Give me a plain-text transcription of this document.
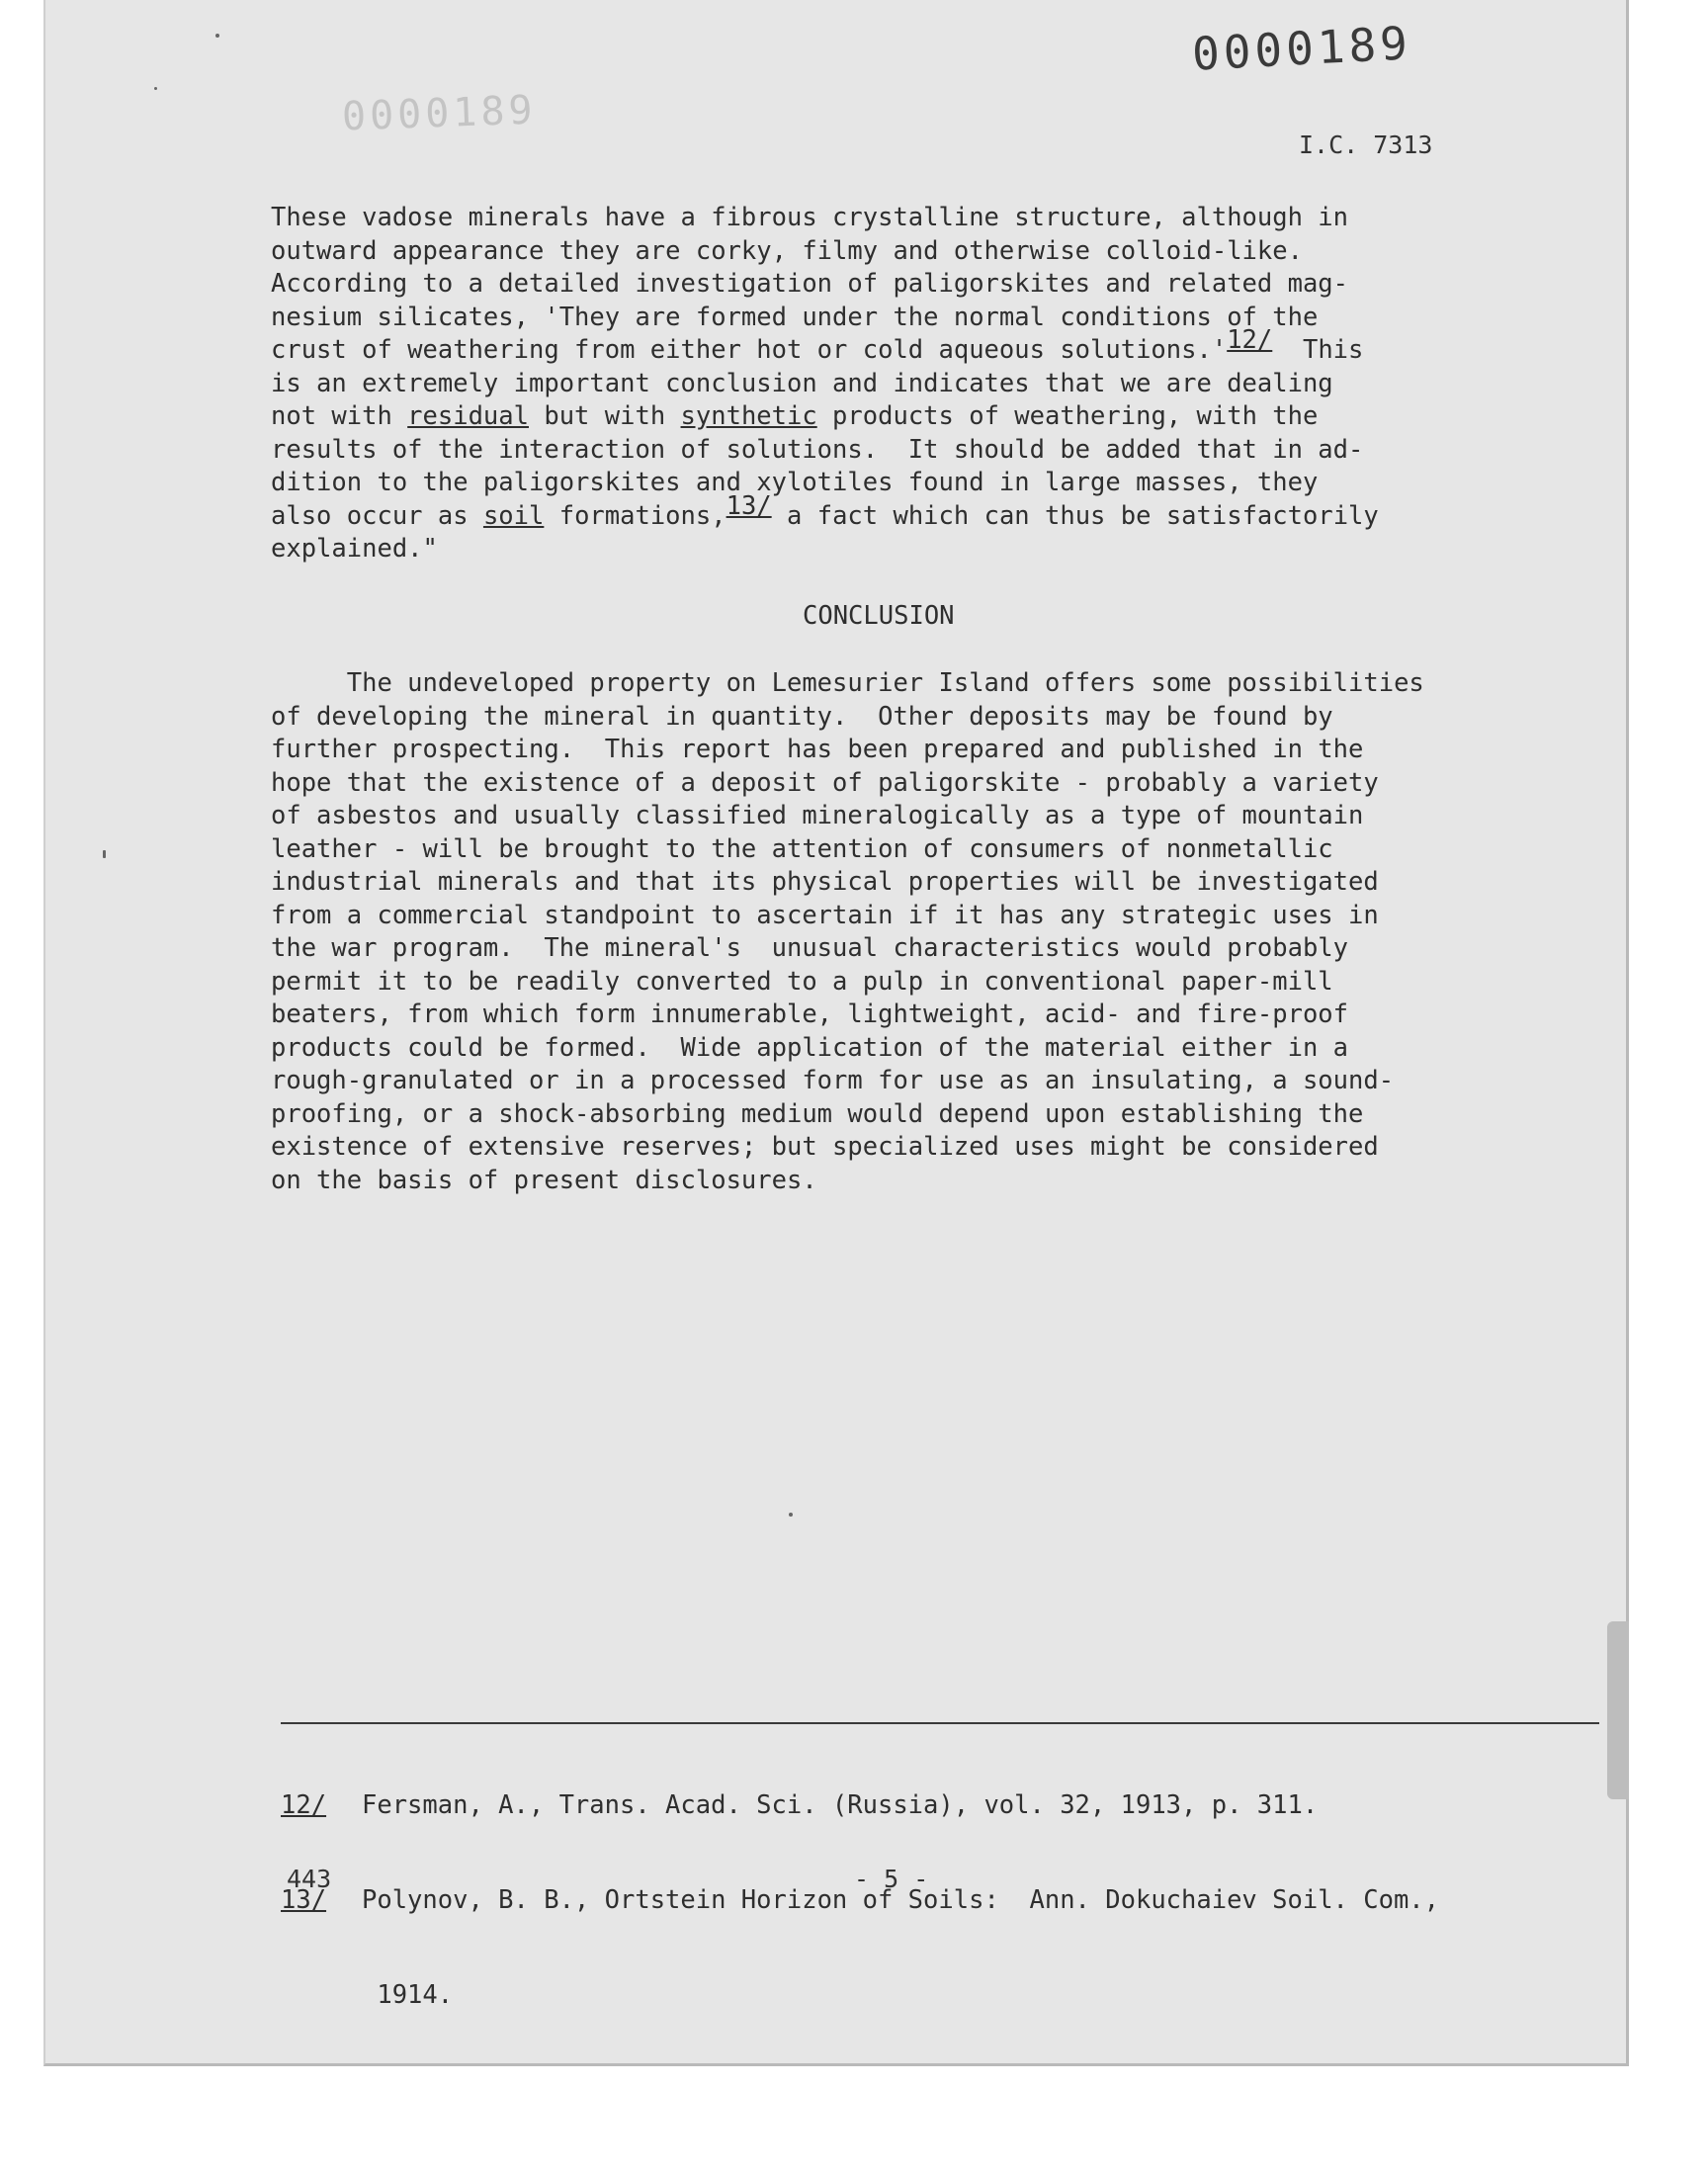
0000189
0000189
I.C. 7313
These vadose minerals have a fibrous crystalline structure, although in
outward appearance they are corky, filmy and otherwise colloid-like.
According to a detailed investigation of paligorskites and related mag-
nesium silicates, 'They are formed under the normal conditions of the
crust of weathering from either hot or cold aqueous solutions.'12/  This
is an extremely important conclusion and indicates that we are dealing
not with residual but with synthetic products of weathering, with the
results of the interaction of solutions.  It should be added that in ad-
dition to the paligorskites and xylotiles found in large masses, they
also occur as soil formations,13/ a fact which can thus be satisfactorily
explained."
CONCLUSION
The undeveloped property on Lemesurier Island offers some possibilities
of developing the mineral in quantity.  Other deposits may be found by
further prospecting.  This report has been prepared and published in the
hope that the existence of a deposit of paligorskite - probably a variety
of asbestos and usually classified mineralogically as a type of mountain
leather - will be brought to the attention of consumers of nonmetallic
industrial minerals and that its physical properties will be investigated
from a commercial standpoint to ascertain if it has any strategic uses in
the war program.  The mineral's  unusual characteristics would probably
permit it to be readily converted to a pulp in conventional paper-mill
beaters, from which form innumerable, lightweight, acid- and fire-proof
products could be formed.  Wide application of the material either in a
rough-granulated or in a processed form for use as an insulating, a sound-
proofing, or a shock-absorbing medium would depend upon establishing the
existence of extensive reserves; but specialized uses might be considered
on the basis of present disclosures.

12/ Fersman, A., Trans. Acad. Sci. (Russia), vol. 32, 1913, p. 311.

13/ Polynov, B. B., Ortstein Horizon of Soils:  Ann. Dokuchaiev Soil. Com.,

1914.

443	- 5 -
